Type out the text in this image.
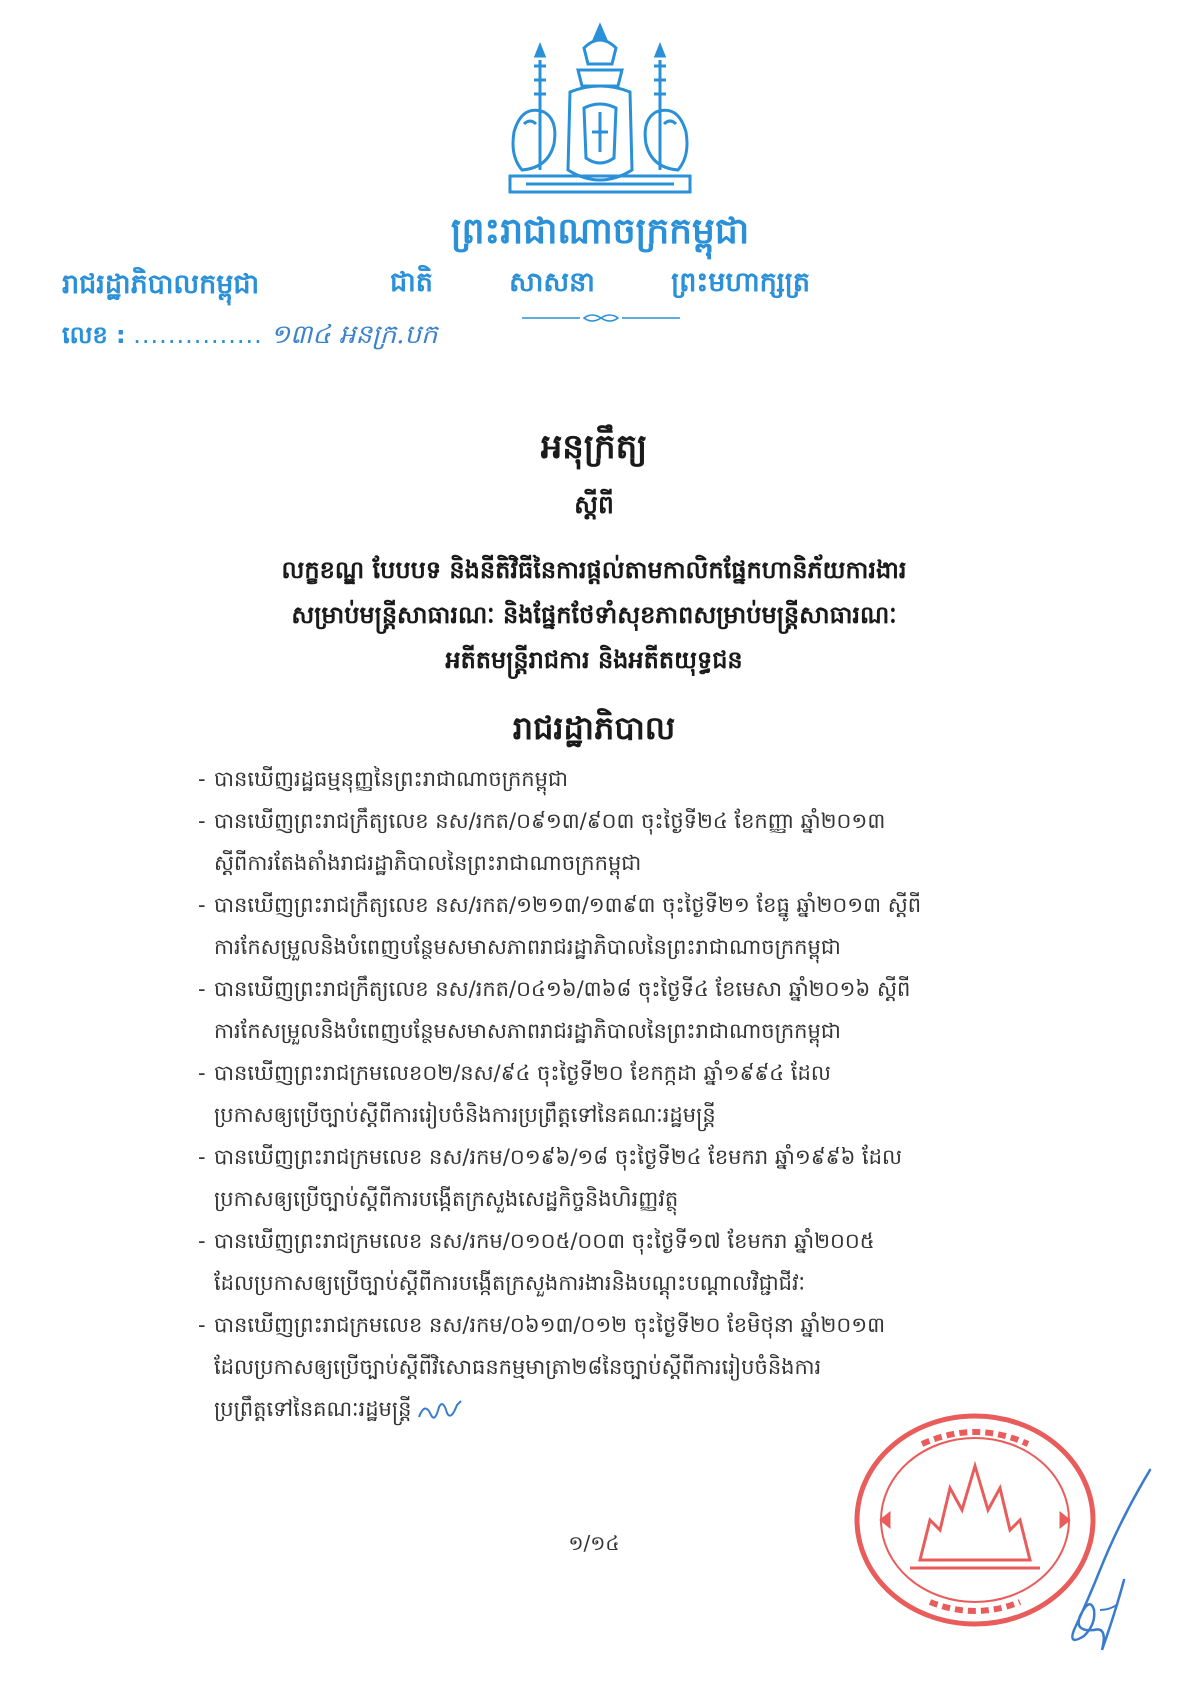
ព្រះរាជាណាចក្រកម្ពុជា
រាជរដ្ឋាភិបាលកម្ពុជា	ជាតិ	សាសនា	ព្រះមហាក្សត្រ
លេខ : ............... ១៣៤ អនក្រ.បក
អនុក្រឹត្យ
ស្តីពី
លក្ខខណ្ឌ បែបបទ និងនីតិវិធីនៃការផ្តល់តាមកាលិកផ្នែកហានិភ័យការងារ
សម្រាប់មន្ត្រីសាធារណៈ និងផ្នែកថែទាំសុខភាពសម្រាប់មន្ត្រីសាធារណៈ
អតីតមន្ត្រីរាជការ និងអតីតយុទ្ធជន
រាជរដ្ឋាភិបាល
- បានឃើញរដ្ឋធម្មនុញ្ញនៃព្រះរាជាណាចក្រកម្ពុជា
- បានឃើញព្រះរាជក្រឹត្យលេខ នស/រកត/០៩១៣/៩០៣ ចុះថ្ងៃទី២៤ ខែកញ្ញា ឆ្នាំ២០១៣
ស្តីពីការតែងតាំងរាជរដ្ឋាភិបាលនៃព្រះរាជាណាចក្រកម្ពុជា
- បានឃើញព្រះរាជក្រឹត្យលេខ នស/រកត/១២១៣/១៣៩៣ ចុះថ្ងៃទី២១ ខែធ្នូ ឆ្នាំ២០១៣ ស្តីពី
ការកែសម្រួលនិងបំពេញបន្ថែមសមាសភាពរាជរដ្ឋាភិបាលនៃព្រះរាជាណាចក្រកម្ពុជា
- បានឃើញព្រះរាជក្រឹត្យលេខ នស/រកត/០៤១៦/៣៦៨ ចុះថ្ងៃទី៤ ខែមេសា ឆ្នាំ២០១៦ ស្តីពី
ការកែសម្រួលនិងបំពេញបន្ថែមសមាសភាពរាជរដ្ឋាភិបាលនៃព្រះរាជាណាចក្រកម្ពុជា
- បានឃើញព្រះរាជក្រមលេខ០២/នស/៩៤ ចុះថ្ងៃទី២០ ខែកក្កដា ឆ្នាំ១៩៩៤ ដែល
ប្រកាសឲ្យប្រើច្បាប់ស្តីពីការរៀបចំនិងការប្រព្រឹត្តទៅនៃគណៈរដ្ឋមន្ត្រី
- បានឃើញព្រះរាជក្រមលេខ នស/រកម/០១៩៦/១៨ ចុះថ្ងៃទី២៤ ខែមករា ឆ្នាំ១៩៩៦ ដែល
ប្រកាសឲ្យប្រើច្បាប់ស្តីពីការបង្កើតក្រសួងសេដ្ឋកិច្ចនិងហិរញ្ញវត្ថុ
- បានឃើញព្រះរាជក្រមលេខ នស/រកម/០១០៥/០០៣ ចុះថ្ងៃទី១៧ ខែមករា ឆ្នាំ២០០៥
ដែលប្រកាសឲ្យប្រើច្បាប់ស្តីពីការបង្កើតក្រសួងការងារនិងបណ្តុះបណ្តាលវិជ្ជាជីវៈ
- បានឃើញព្រះរាជក្រមលេខ នស/រកម/០៦១៣/០១២ ចុះថ្ងៃទី២០ ខែមិថុនា ឆ្នាំ២០១៣
ដែលប្រកាសឲ្យប្រើច្បាប់ស្តីពីវិសោធនកម្មមាត្រា២៨នៃច្បាប់ស្តីពីការរៀបចំនិងការ
ប្រព្រឹត្តទៅនៃគណៈរដ្ឋមន្ត្រី
១/១៤
